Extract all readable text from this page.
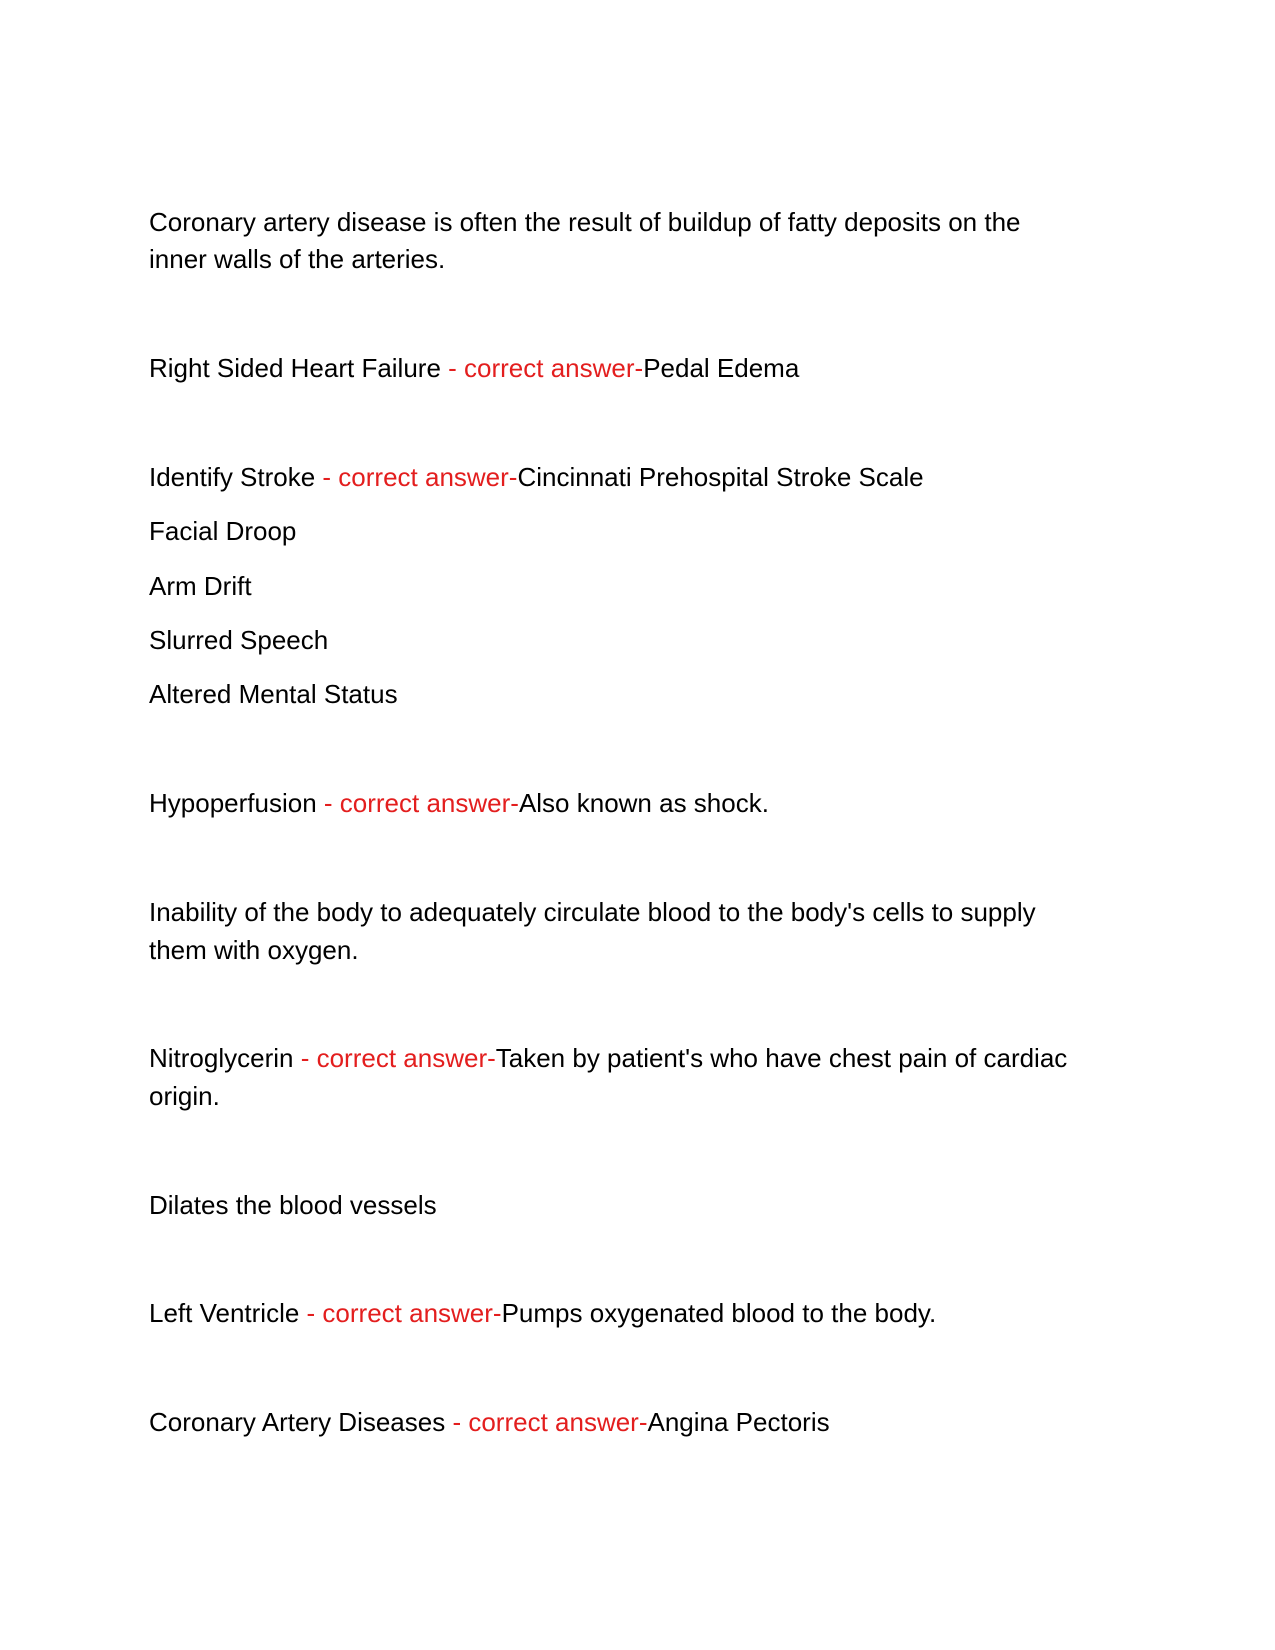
Coronary artery disease is often the result of buildup of fatty deposits on the
inner walls of the arteries.
Right Sided Heart Failure - correct answer-Pedal Edema
Identify Stroke - correct answer-Cincinnati Prehospital Stroke Scale
Facial Droop
Arm Drift
Slurred Speech
Altered Mental Status
Hypoperfusion - correct answer-Also known as shock.
Inability of the body to adequately circulate blood to the body's cells to supply
them with oxygen.
Nitroglycerin - correct answer-Taken by patient's who have chest pain of cardiac
origin.
Dilates the blood vessels
Left Ventricle - correct answer-Pumps oxygenated blood to the body.
Coronary Artery Diseases - correct answer-Angina Pectoris
